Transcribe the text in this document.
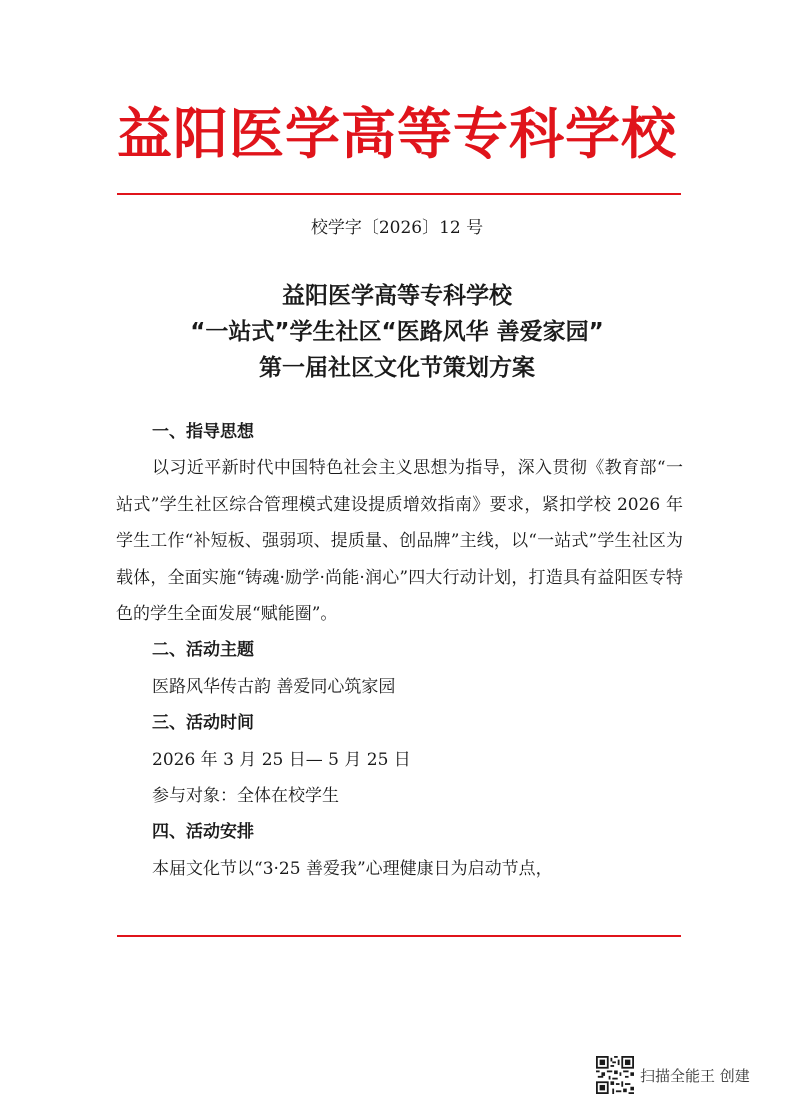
益阳医学高等专科学校
校学字〔2026〕12 号
益阳医学高等专科学校
“一站式”学生社区“医路风华 善爱家园”
第一届社区文化节策划方案
一、指导思想
以习近平新时代中国特色社会主义思想为指导，深入贯彻《教育部“一站式”学生社区综合管理模式建设提质增效指南》要求，紧扣学校 2026 年学生工作“补短板、强弱项、提质量、创品牌”主线，以“一站式”学生社区为载体，全面实施“铸魂·励学·尚能·润心”四大行动计划，打造具有益阳医专特色的学生全面发展“赋能圈”。
二、活动主题
医路风华传古韵 善爱同心筑家园
三、活动时间
2026 年 3 月 25 日— 5 月 25 日
参与对象：全体在校学生
四、活动安排
本届文化节以“3·25 善爱我”心理健康日为启动节点，
扫描全能王 创建
